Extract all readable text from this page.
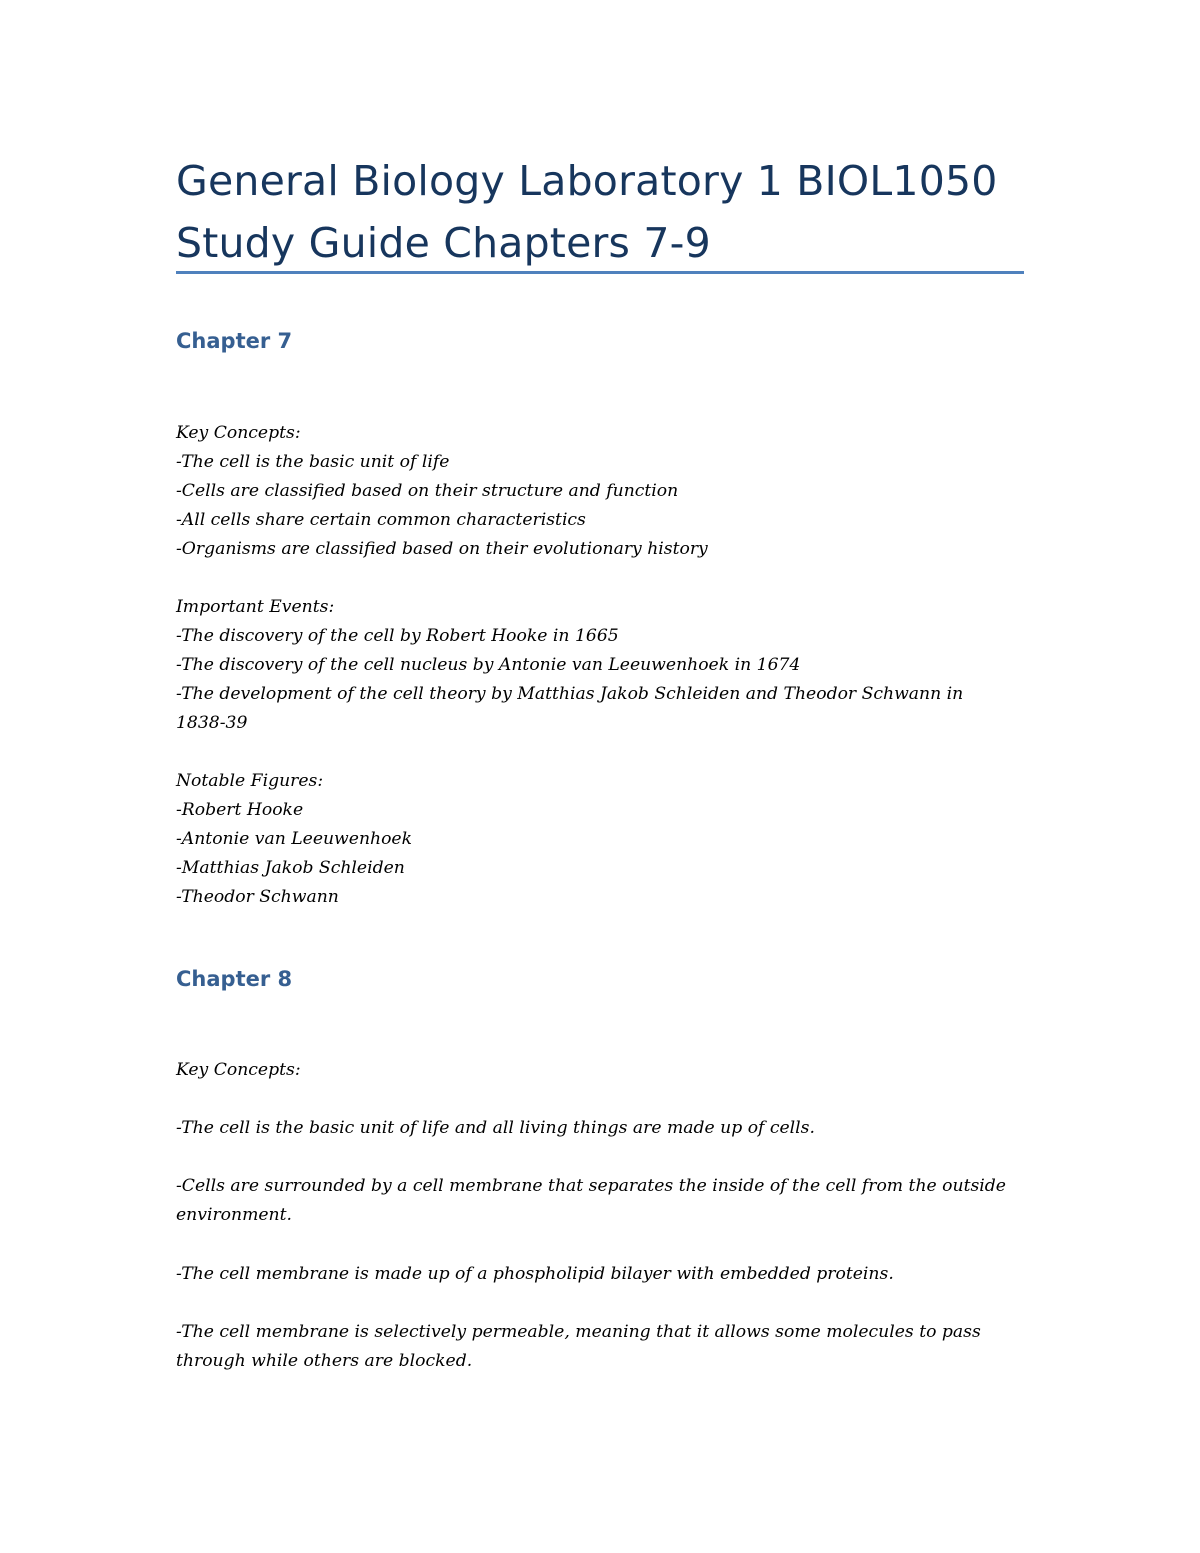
General Biology Laboratory 1 BIOL1050
Study Guide Chapters 7-9
Chapter 7
Key Concepts:
-The cell is the basic unit of life
-Cells are classified based on their structure and function
-All cells share certain common characteristics
-Organisms are classified based on their evolutionary history
Important Events:
-The discovery of the cell by Robert Hooke in 1665
-The discovery of the cell nucleus by Antonie van Leeuwenhoek in 1674
-The development of the cell theory by Matthias Jakob Schleiden and Theodor Schwann in
1838-39
Notable Figures:
-Robert Hooke
-Antonie van Leeuwenhoek
-Matthias Jakob Schleiden
-Theodor Schwann
Chapter 8
Key Concepts:
-The cell is the basic unit of life and all living things are made up of cells.
-Cells are surrounded by a cell membrane that separates the inside of the cell from the outside
environment.
-The cell membrane is made up of a phospholipid bilayer with embedded proteins.
-The cell membrane is selectively permeable, meaning that it allows some molecules to pass
through while others are blocked.
